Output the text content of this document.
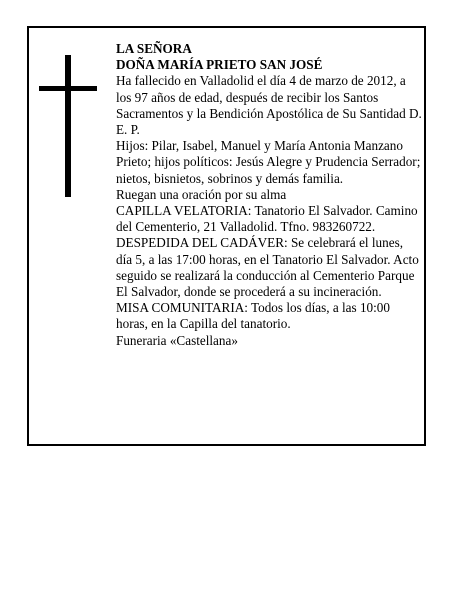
LA SEÑORA

DOÑA MARÍA PRIETO SAN JOSÉ

Ha fallecido en Valladolid el día 4 de marzo de 2012, a los 97 años de edad, después de recibir los Santos Sacramentos y la Bendición Apostólica de Su Santidad D. E. P.

Hijos: Pilar, Isabel, Manuel y María Antonia Manzano Prieto; hijos políticos: Jesús Alegre y Prudencia Serrador; nietos, bisnietos, sobrinos y demás familia.

Ruegan una oración por su alma

CAPILLA VELATORIA: Tanatorio El Salvador. Camino del Cementerio, 21 Valladolid. Tfno. 983260722.

DESPEDIDA DEL CADÁVER: Se celebrará el lunes, día 5, a las 17:00 horas, en el Tanatorio El Salvador. Acto seguido se realizará la conducción al Cementerio Parque El Salvador, donde se procederá a su incineración.

MISA COMUNITARIA: Todos los días, a las 10:00 horas, en la Capilla del tanatorio.

Funeraria «Castellana»
